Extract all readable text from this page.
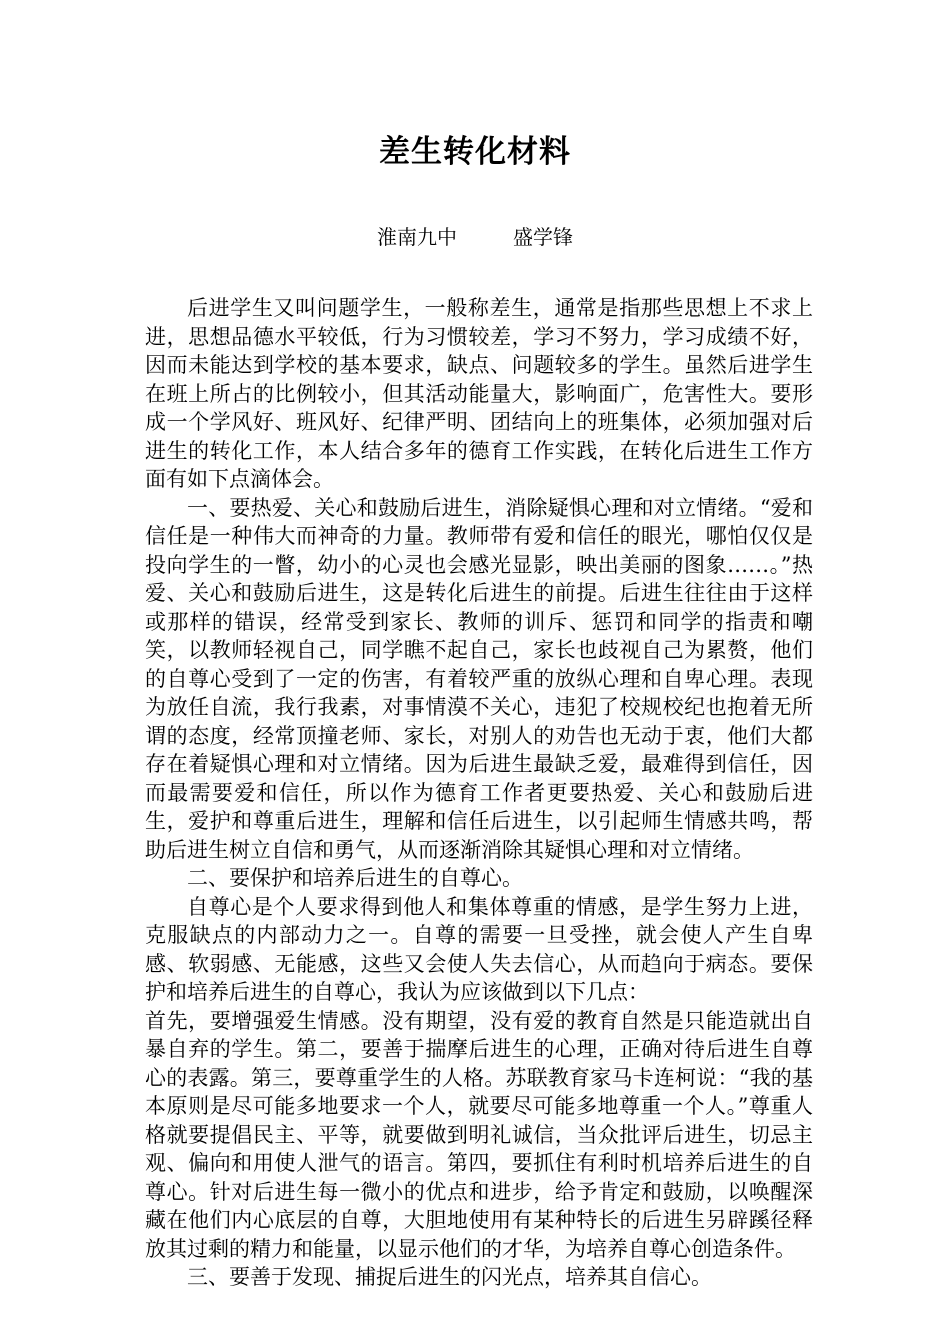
差生转化材料
淮南九中	盛学锋

后进学生又叫问题学生，一般称差生，通常是指那些思想上不求上进，思想品德水平较低，行为习惯较差，学习不努力，学习成绩不好，因而未能达到学校的基本要求，缺点、问题较多的学生。虽然后进学生在班上所占的比例较小，但其活动能量大，影响面广，危害性大。要形成一个学风好、班风好、纪律严明、团结向上的班集体，必须加强对后进生的转化工作，本人结合多年的德育工作实践，在转化后进生工作方面有如下点滴体会。

一、要热爱、关心和鼓励后进生，消除疑惧心理和对立情绪。“爱和信任是一种伟大而神奇的力量。教师带有爱和信任的眼光，哪怕仅仅是投向学生的一瞥，幼小的心灵也会感光显影，映出美丽的图象……。”热爱、关心和鼓励后进生，这是转化后进生的前提。后进生往往由于这样或那样的错误，经常受到家长、教师的训斥、惩罚和同学的指责和嘲笑，以教师轻视自己，同学瞧不起自己，家长也歧视自己为累赘，他们的自尊心受到了一定的伤害，有着较严重的放纵心理和自卑心理。表现为放任自流，我行我素，对事情漠不关心，违犯了校规校纪也抱着无所谓的态度，经常顶撞老师、家长，对别人的劝告也无动于衷，他们大都存在着疑惧心理和对立情绪。因为后进生最缺乏爱，最难得到信任，因而最需要爱和信任，所以作为德育工作者更要热爱、关心和鼓励后进生，爱护和尊重后进生，理解和信任后进生，以引起师生情感共鸣，帮助后进生树立自信和勇气，从而逐渐消除其疑惧心理和对立情绪。

二、要保护和培养后进生的自尊心。

自尊心是个人要求得到他人和集体尊重的情感，是学生努力上进，克服缺点的内部动力之一。自尊的需要一旦受挫，就会使人产生自卑感、软弱感、无能感，这些又会使人失去信心，从而趋向于病态。要保护和培养后进生的自尊心，我认为应该做到以下几点：

首先，要增强爱生情感。没有期望，没有爱的教育自然是只能造就出自暴自弃的学生。第二，要善于揣摩后进生的心理，正确对待后进生自尊心的表露。第三，要尊重学生的人格。苏联教育家马卡连柯说：“我的基本原则是尽可能多地要求一个人，就要尽可能多地尊重一个人。”尊重人格就要提倡民主、平等，就要做到明礼诚信，当众批评后进生，切忌主观、偏向和用使人泄气的语言。第四，要抓住有利时机培养后进生的自尊心。针对后进生每一微小的优点和进步，给予肯定和鼓励，以唤醒深藏在他们内心底层的自尊，大胆地使用有某种特长的后进生另辟蹊径释放其过剩的精力和能量，以显示他们的才华，为培养自尊心创造条件。

三、要善于发现、捕捉后进生的闪光点，培养其自信心。
